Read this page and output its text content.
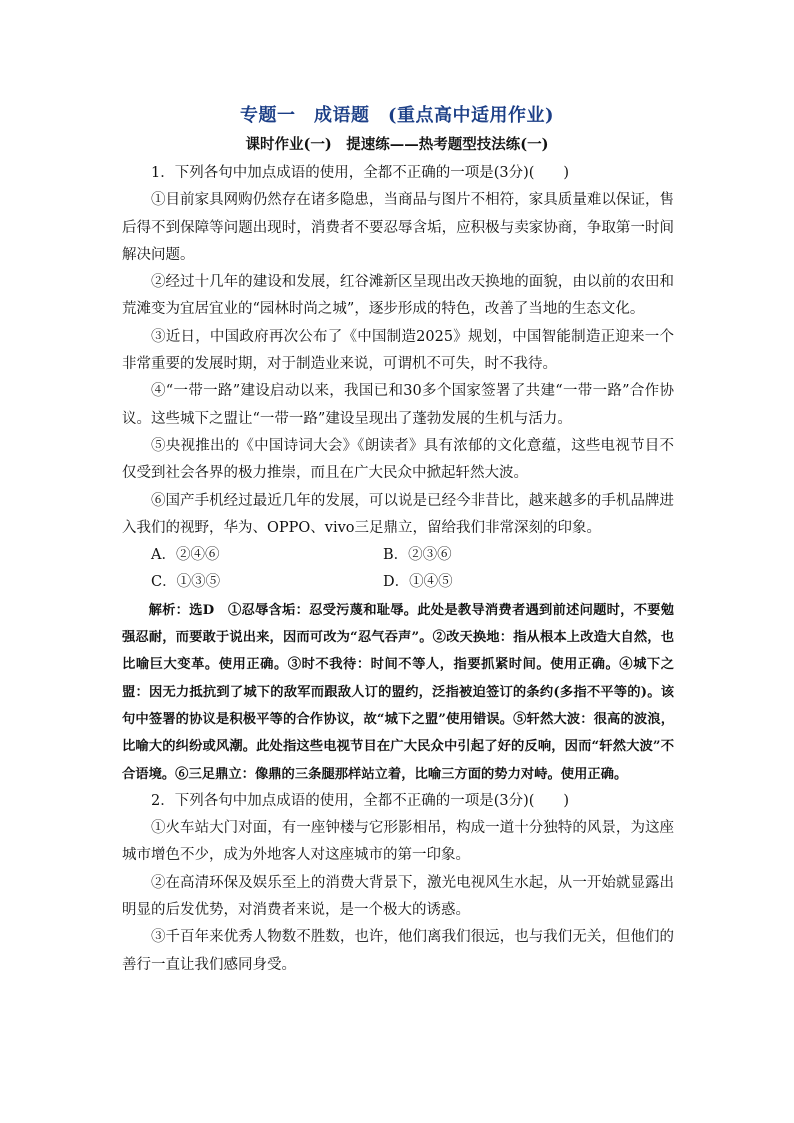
专题一　成语题　(重点高中适用作业)
课时作业(一)　提速练——热考题型技法练(一)

1．下列各句中加点成语的使用，全都不正确的一项是(3分)(　　)

①目前家具网购仍然存在诸多隐患，当商品与图片不相符，家具质量难以保证，售后得不到保障等问题出现时，消费者不要忍辱含垢，应积极与卖家协商，争取第一时间解决问题。

②经过十几年的建设和发展，红谷滩新区呈现出改天换地的面貌，由以前的农田和荒滩变为宜居宜业的“园林时尚之城”，逐步形成的特色，改善了当地的生态文化。

③近日，中国政府再次公布了《中国制造2025》规划，中国智能制造正迎来一个非常重要的发展时期，对于制造业来说，可谓机不可失，时不我待。

④“一带一路”建设启动以来，我国已和30多个国家签署了共建“一带一路”合作协议。这些城下之盟让“一带一路”建设呈现出了蓬勃发展的生机与活力。

⑤央视推出的《中国诗词大会》《朗读者》具有浓郁的文化意蕴，这些电视节目不仅受到社会各界的极力推崇，而且在广大民众中掀起轩然大波。

⑥国产手机经过最近几年的发展，可以说是已经今非昔比，越来越多的手机品牌进入我们的视野，华为、OPPO、vivo三足鼎立，留给我们非常深刻的印象。

A．②④⑥	B．②③⑥
C．①③⑤	D．①④⑤

解析：选D　①忍辱含垢：忍受污蔑和耻辱。此处是教导消费者遇到前述问题时，不要勉强忍耐，而要敢于说出来，因而可改为“忍气吞声”。②改天换地：指从根本上改造大自然，也比喻巨大变革。使用正确。③时不我待：时间不等人，指要抓紧时间。使用正确。④城下之盟：因无力抵抗到了城下的敌军而跟敌人订的盟约，泛指被迫签订的条约(多指不平等的)。该句中签署的协议是积极平等的合作协议，故“城下之盟”使用错误。⑤轩然大波：很高的波浪，比喻大的纠纷或风潮。此处指这些电视节目在广大民众中引起了好的反响，因而“轩然大波”不合语境。⑥三足鼎立：像鼎的三条腿那样站立着，比喻三方面的势力对峙。使用正确。

2．下列各句中加点成语的使用，全都不正确的一项是(3分)(　　)

①火车站大门对面，有一座钟楼与它形影相吊，构成一道十分独特的风景，为这座城市增色不少，成为外地客人对这座城市的第一印象。

②在高清环保及娱乐至上的消费大背景下，激光电视风生水起，从一开始就显露出明显的后发优势，对消费者来说，是一个极大的诱惑。

③千百年来优秀人物数不胜数，也许，他们离我们很远，也与我们无关，但他们的善行一直让我们感同身受。
